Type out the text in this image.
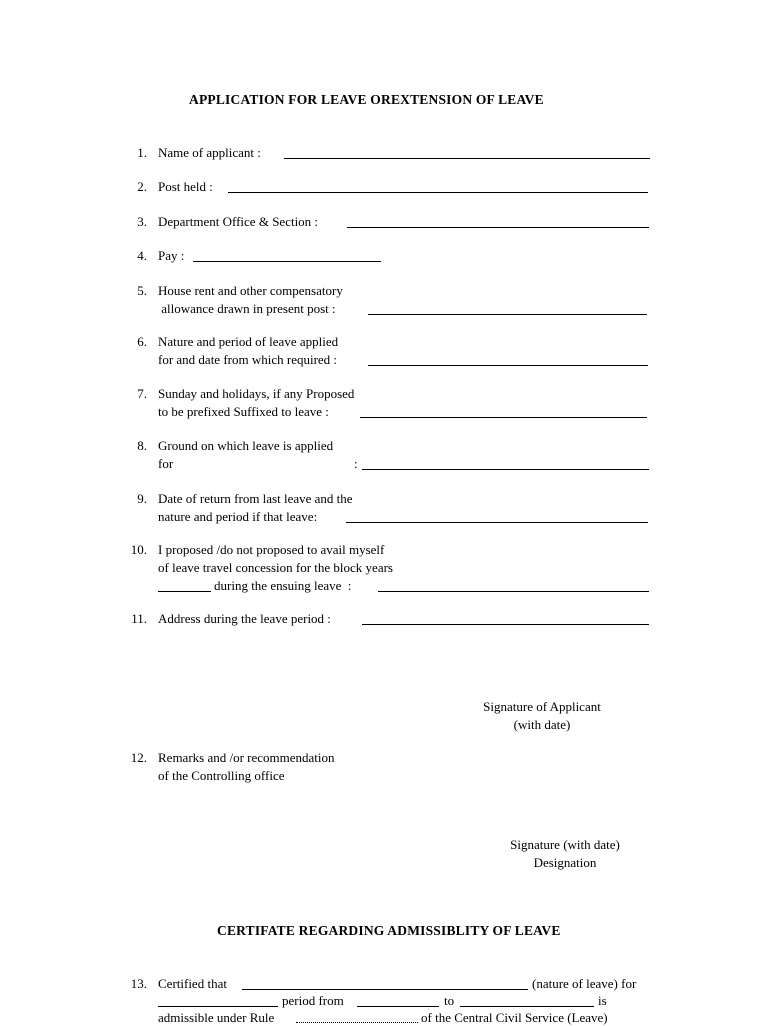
APPLICATION FOR LEAVE OREXTENSION OF LEAVE
1. Name of applicant :
2. Post held :
3. Department Office & Section :
4. Pay :
5. House rent and other compensatory
allowance drawn in present post :
6. Nature and period of leave applied
for and date from which required :
7. Sunday and holidays, if any Proposed
to be prefixed Suffixed to leave :
8. Ground on which leave is applied
for	:
9. Date of return from last leave and the
nature and period if that leave:
10. I proposed /do not proposed to avail myself
of leave travel concession for the block years
during the ensuing leave  :
11. Address during the leave period :
Signature of Applicant
(with date)
12. Remarks and /or recommendation
of the Controlling office
Signature (with date)
Designation
CERTIFATE REGARDING ADMISSIBLITY OF LEAVE
13. Certified that	(nature of leave) for
period from	to	is
admissible under Rule	of the Central Civil Service (Leave)
